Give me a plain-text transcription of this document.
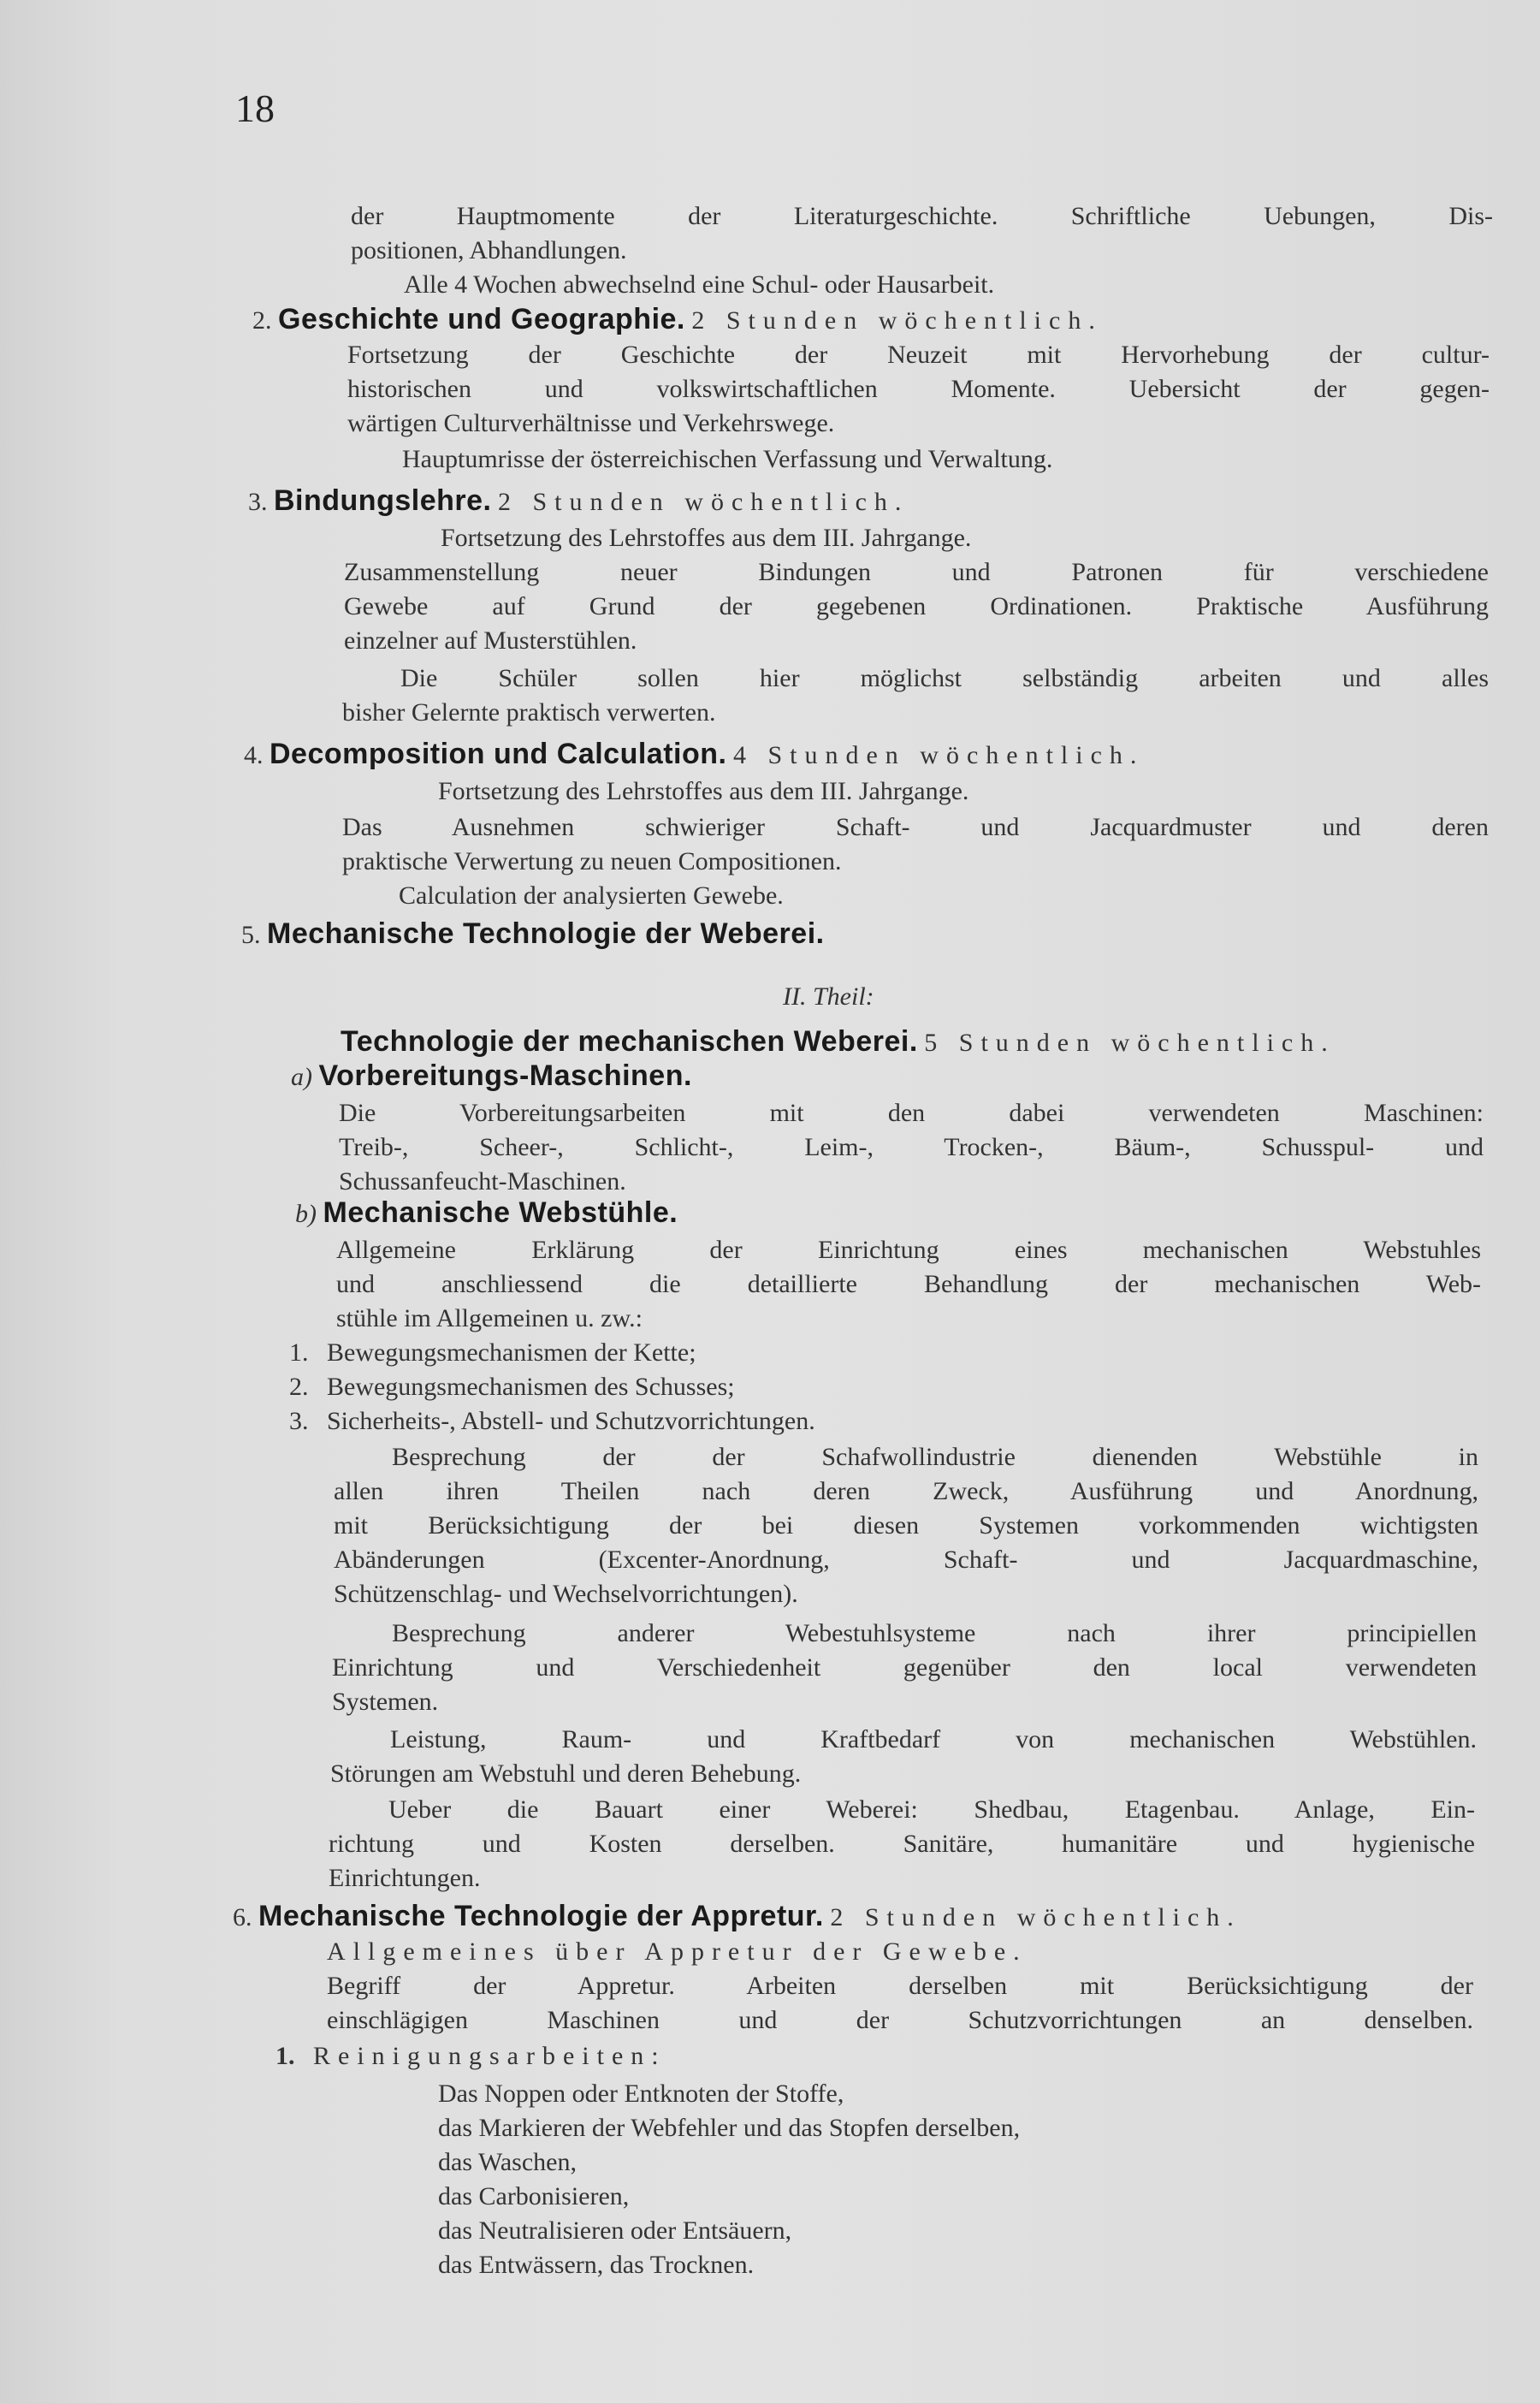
18
der Hauptmomente der Literaturgeschichte. Schriftliche Uebungen, Dis-
positionen, Abhandlungen.
Alle 4 Wochen abwechselnd eine Schul- oder Hausarbeit.
2. Geschichte und Geographie. 2 Stunden wöchentlich.
Fortsetzung der Geschichte der Neuzeit mit Hervorhebung der cultur-
historischen und volkswirtschaftlichen Momente. Uebersicht der gegen-
wärtigen Culturverhältnisse und Verkehrswege.
Hauptumrisse der österreichischen Verfassung und Verwaltung.
3. Bindungslehre. 2 Stunden wöchentlich.
Fortsetzung des Lehrstoffes aus dem III. Jahrgange.
Zusammenstellung neuer Bindungen und Patronen für verschiedene
Gewebe auf Grund der gegebenen Ordinationen. Praktische Ausführung
einzelner auf Musterstühlen.
Die Schüler sollen hier möglichst selbständig arbeiten und alles
bisher Gelernte praktisch verwerten.
4. Decomposition und Calculation. 4 Stunden wöchentlich.
Fortsetzung des Lehrstoffes aus dem III. Jahrgange.
Das Ausnehmen schwieriger Schaft- und Jacquardmuster und deren
praktische Verwertung zu neuen Compositionen.
Calculation der analysierten Gewebe.
5. Mechanische Technologie der Weberei.
II. Theil:
Technologie der mechanischen Weberei. 5 Stunden wöchentlich.
a) Vorbereitungs-Maschinen.
Die Vorbereitungsarbeiten mit den dabei verwendeten Maschinen:
Treib-, Scheer-, Schlicht-, Leim-, Trocken-, Bäum-, Schusspul- und
Schussanfeucht-Maschinen.
b) Mechanische Webstühle.
Allgemeine Erklärung der Einrichtung eines mechanischen Webstuhles
und anschliessend die detaillierte Behandlung der mechanischen Web-
stühle im Allgemeinen u. zw.:
1. Bewegungsmechanismen der Kette;
2. Bewegungsmechanismen des Schusses;
3. Sicherheits-, Abstell- und Schutzvorrichtungen.
Besprechung der der Schafwollindustrie dienenden Webstühle in
allen ihren Theilen nach deren Zweck, Ausführung und Anordnung,
mit Berücksichtigung der bei diesen Systemen vorkommenden wichtigsten
Abänderungen (Excenter-Anordnung, Schaft- und Jacquardmaschine,
Schützenschlag- und Wechselvorrichtungen).
Besprechung anderer Webestuhlsysteme nach ihrer principiellen
Einrichtung und Verschiedenheit gegenüber den local verwendeten
Systemen.
Leistung, Raum- und Kraftbedarf von mechanischen Webstühlen.
Störungen am Webstuhl und deren Behebung.
Ueber die Bauart einer Weberei: Shedbau, Etagenbau. Anlage, Ein-
richtung und Kosten derselben. Sanitäre, humanitäre und hygienische
Einrichtungen.
6. Mechanische Technologie der Appretur. 2 Stunden wöchentlich.
Allgemeines über Appretur der Gewebe.
Begriff der Appretur. Arbeiten derselben mit Berücksichtigung der
einschlägigen Maschinen und der Schutzvorrichtungen an denselben.
1. Reinigungsarbeiten:
Das Noppen oder Entknoten der Stoffe,
das Markieren der Webfehler und das Stopfen derselben,
das Waschen,
das Carbonisieren,
das Neutralisieren oder Entsäuern,
das Entwässern, das Trocknen.
